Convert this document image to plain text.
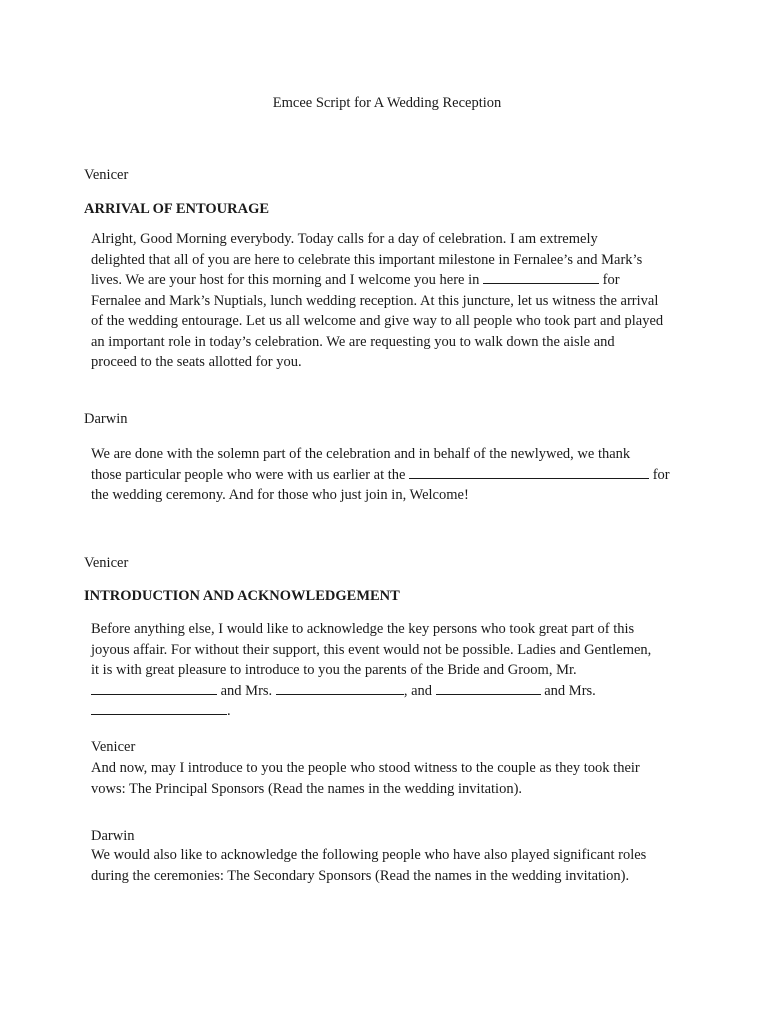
Emcee Script for A Wedding Reception
Venicer
ARRIVAL OF ENTOURAGE
Alright, Good Morning everybody. Today calls for a day of celebration. I am extremely
delighted that all of you are here to celebrate this important milestone in Fernalee’s and Mark’s
lives. We are your host for this morning and I welcome you here in	for
Fernalee and Mark’s Nuptials, lunch wedding reception. At this juncture, let us witness the arrival
of the wedding entourage. Let us all welcome and give way to all people who took part and played
an important role in today’s celebration. We are requesting you to walk down the aisle and
proceed to the seats allotted for you.
Darwin
We are done with the solemn part of the celebration and in behalf of the newlywed, we thank
those particular people who were with us earlier at the	for
the wedding ceremony. And for those who just join in, Welcome!
Venicer
INTRODUCTION AND ACKNOWLEDGEMENT
Before anything else, I would like to acknowledge the key persons who took great part of this
joyous affair. For without their support, this event would not be possible. Ladies and Gentlemen,
it is with great pleasure to introduce to you the parents of the Bride and Groom, Mr.
and Mrs.	, and	and Mrs.
.
Venicer
And now, may I introduce to you the people who stood witness to the couple as they took their
vows: The Principal Sponsors (Read the names in the wedding invitation).
Darwin
We would also like to acknowledge the following people who have also played significant roles
during the ceremonies: The Secondary Sponsors (Read the names in the wedding invitation).
